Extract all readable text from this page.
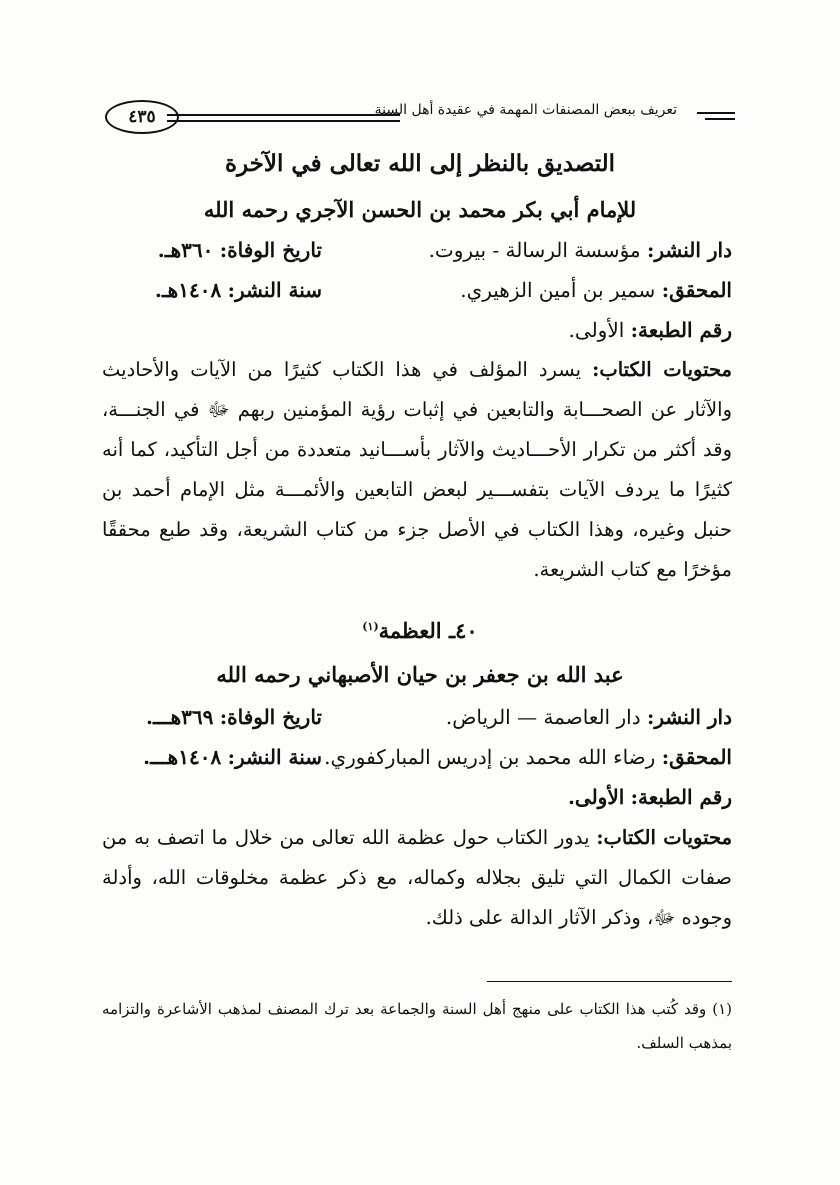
٤٣٥	تعريف ببعض المصنفات المهمة في عقيدة أهل السنة
التصديق بالنظر إلى الله تعالى في الآخرة
للإمام أبي بكر محمد بن الحسن الآجري رحمه الله
دار النشر: مؤسسة الرسالة - بيروت.
تاريخ الوفاة: ٣٦٠هـ.
المحقق: سمير بن أمين الزهيري.
سنة النشر: ١٤٠٨هـ.
رقم الطبعة: الأولى.
محتويات الكتاب: يسرد المؤلف في هذا الكتاب كثيرًا من الآيات والأحاديث والآثار عن الصحـــابة والتابعين في إثبات رؤية المؤمنين ربهم ﷻ في الجنـــة، وقد أكثر من تكرار الأحـــاديث والآثار بأســـانيد متعددة من أجل التأكيد، كما أنه كثيرًا ما يردف الآيات بتفســـير لبعض التابعين والأئمـــة مثل الإمام أحمد بن حنبل وغيره، وهذا الكتاب في الأصل جزء من كتاب الشريعة، وقد طبع محققًا مؤخرًا مع كتاب الشريعة.
٤٠ـ العظمة$^{(١)}$
عبد الله بن جعفر بن حيان الأصبهاني رحمه الله
دار النشر: دار العاصمة — الرياض.
تاريخ الوفاة: ٣٦٩هـــ.
المحقق: رضاء الله محمد بن إدريس المباركفوري.
سنة النشر: ١٤٠٨هـــ.
رقم الطبعة: الأولى.
محتويات الكتاب: يدور الكتاب حول عظمة الله تعالى من خلال ما اتصف به من صفات الكمال التي تليق بجلاله وكماله، مع ذكر عظمة مخلوقات الله، وأدلة وجوده ﷻ، وذكر الآثار الدالة على ذلك.
(١) وقد كُتب هذا الكتاب على منهج أهل السنة والجماعة بعد ترك المصنف لمذهب الأشاعرة والتزامه بمذهب السلف.
